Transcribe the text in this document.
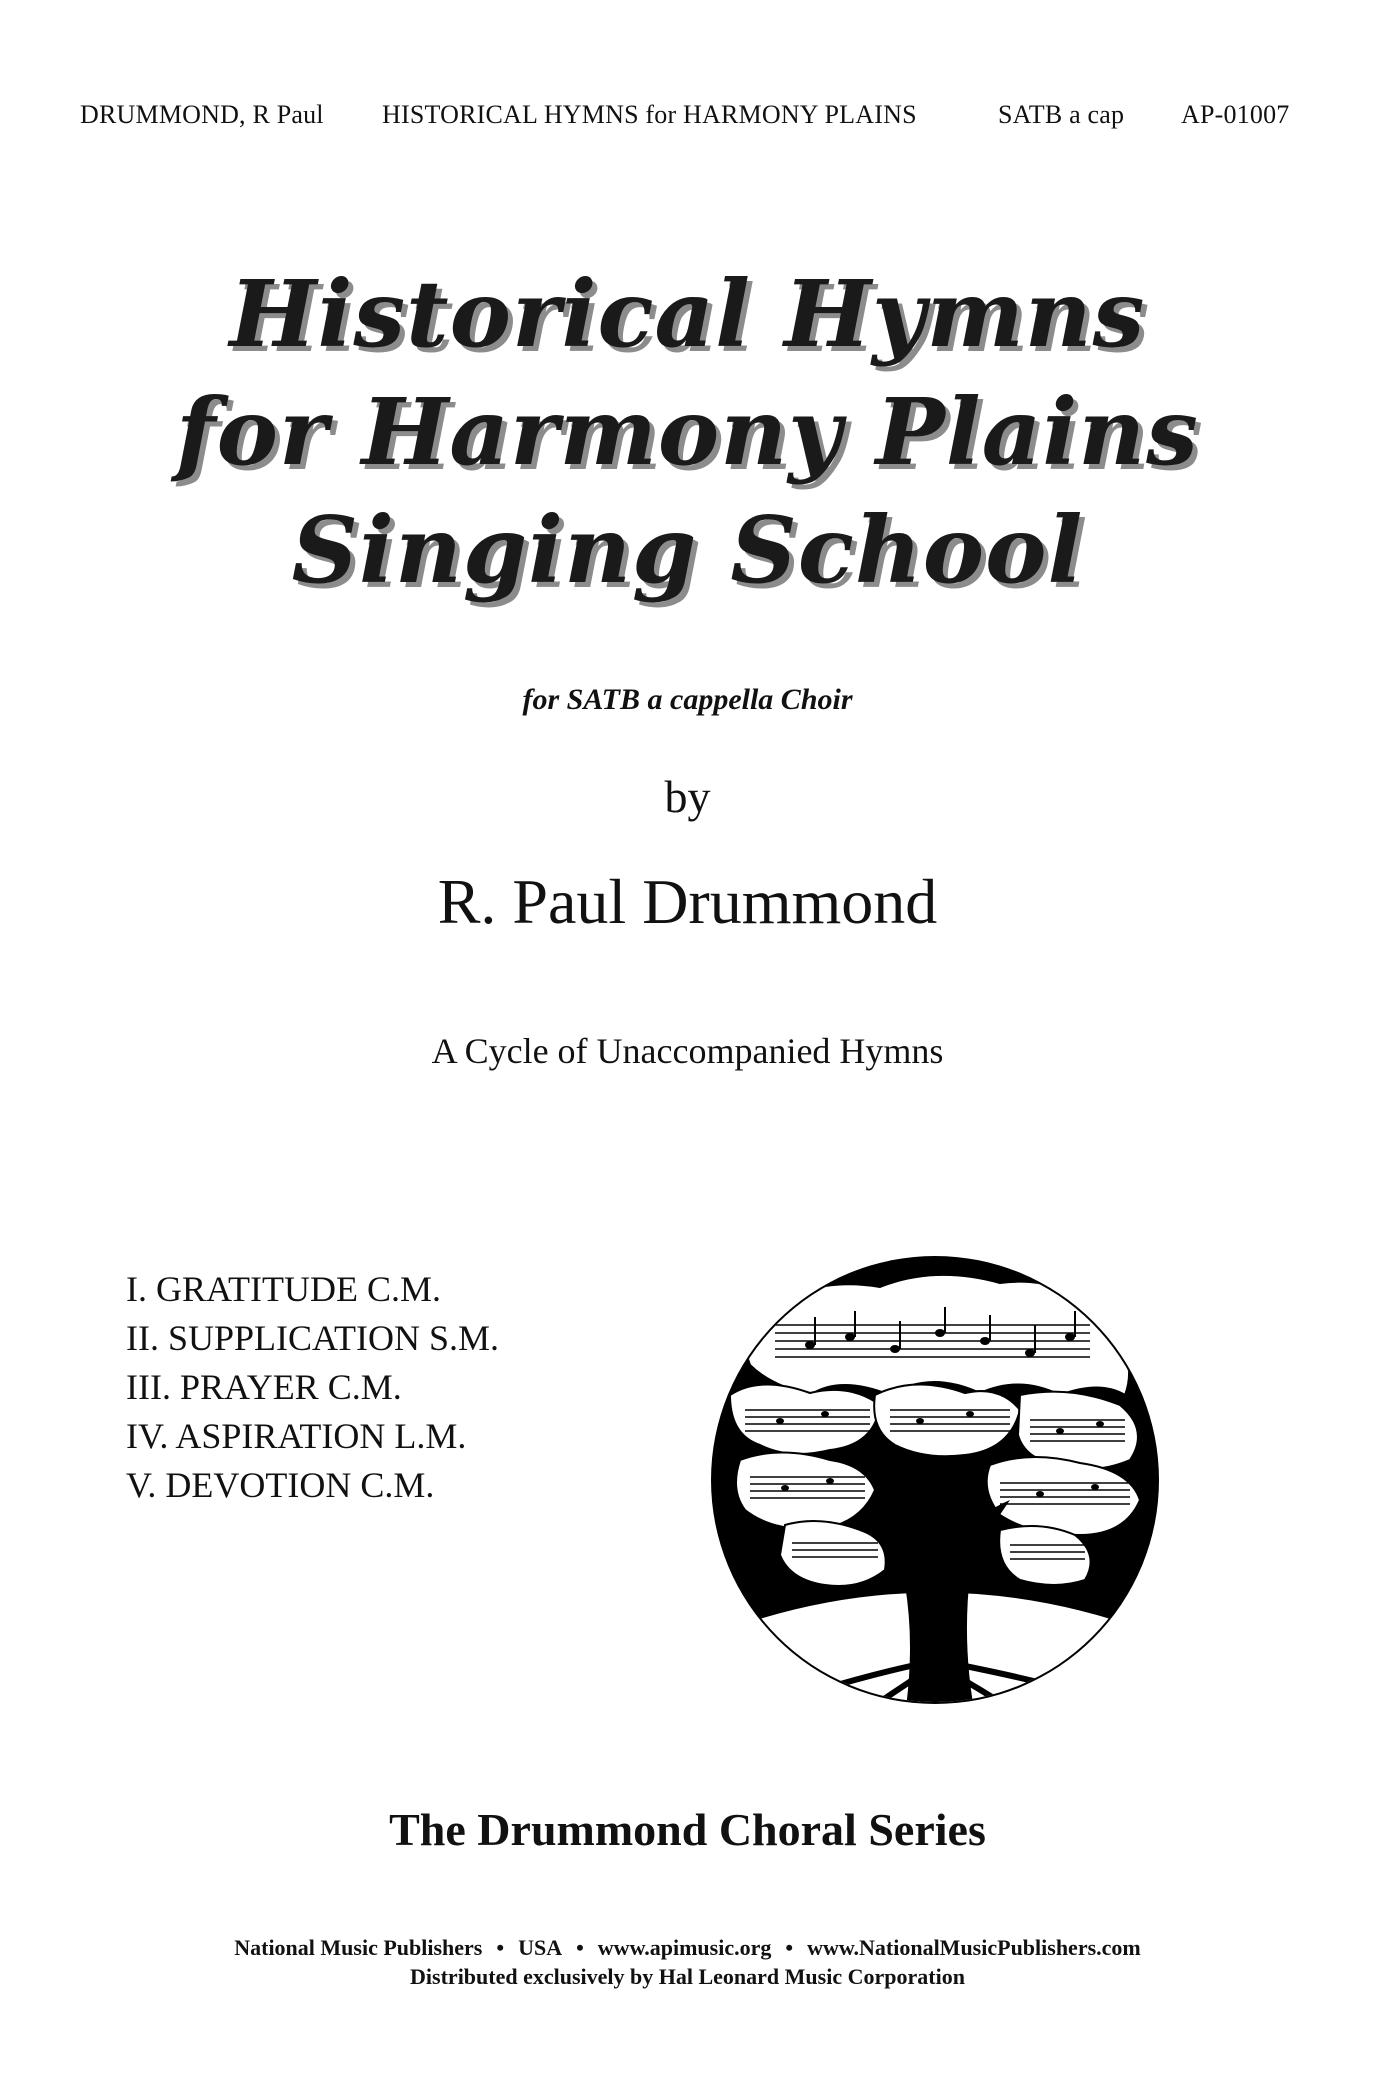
DRUMMOND, R Paul HISTORICAL HYMNS for HARMONY PLAINS	SATB a cap AP-01007
Historical Hymns
for Harmony Plains
Singing School
for SATB a cappella Choir
by
R. Paul Drummond
A Cycle of Unaccompanied Hymns
I. GRATITUDE C.M.
II. SUPPLICATION S.M.
III. PRAYER C.M.
IV. ASPIRATION L.M.
V. DEVOTION C.M.
The Drummond Choral Series
National Music Publishers • USA • www.apimusic.org • www.NationalMusicPublishers.com
Distributed exclusively by Hal Leonard Music Corporation
